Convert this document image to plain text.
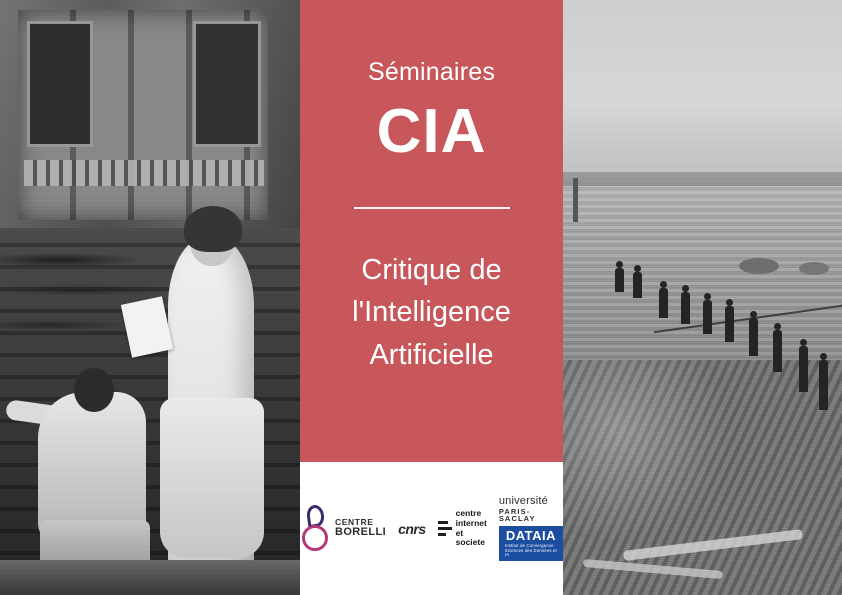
Séminaires
CIA
Critique de
l'Intelligence
Artificielle
CENTRE
BORELLI cnrs
centre
internet
et societe
université
PARIS-SACLAY
DATAIA
Institut de Convergence Sciences des Données et IA
